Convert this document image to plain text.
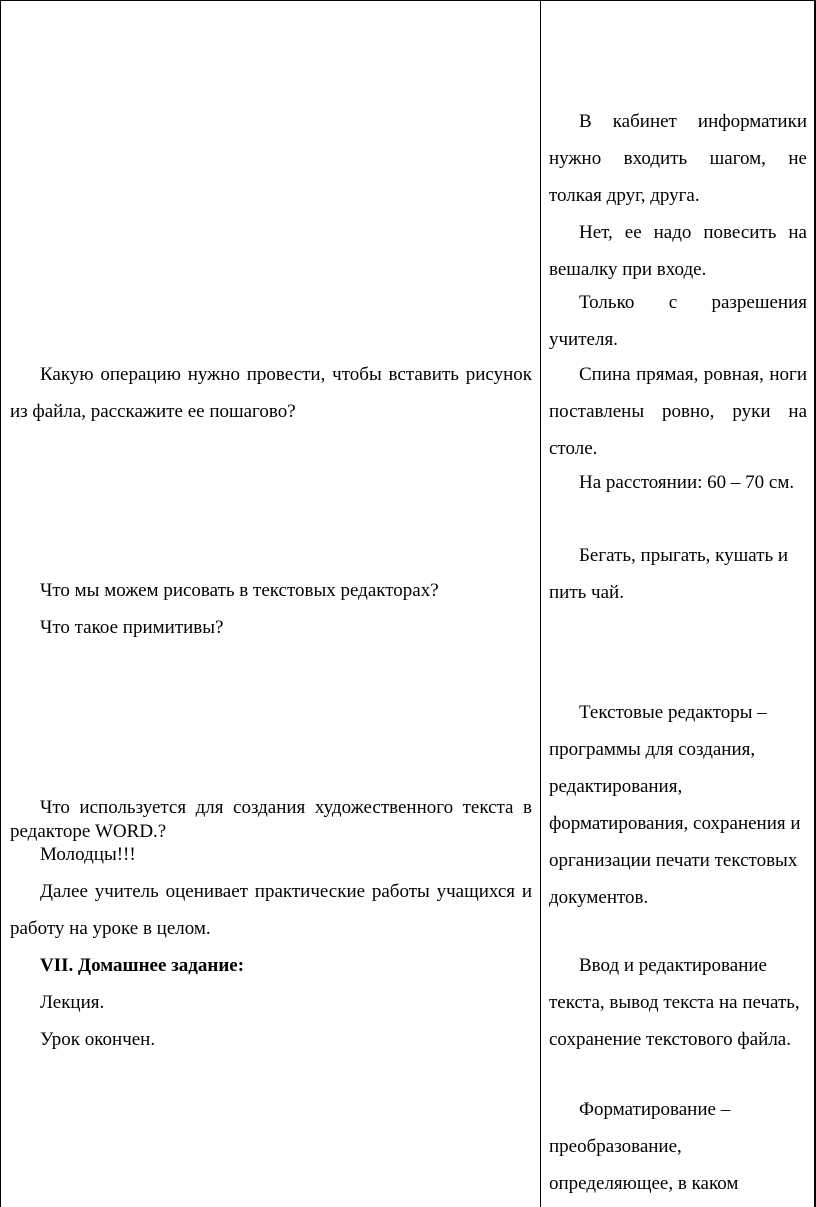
Какую операцию нужно провести, чтобы вставить рисунок из файла, расскажите ее пошагово?

Что мы можем рисовать в текстовых редакторах?

Что такое примитивы?

Что используется для создания художественного текста в редакторе WORD.?

Молодцы!!!

Далее учитель оценивает практические работы учащихся и работу на уроке в целом.

VII. Домашнее задание:

Лекция.

Урок окончен.

В кабинет информатики нужно входить шагом, не толкая друг, друга.

Нет, ее надо повесить на вешалку при входе.

Только с разрешения учителя.

Спина прямая, ровная, ноги поставлены ровно, руки на столе.

На расстоянии: 60 – 70 см.

Бегать, прыгать, кушать и пить чай.

Текстовые редакторы – программы для создания, редактирования, форматирования, сохранения и организации печати текстовых документов.

Ввод и редактирование текста, вывод текста на печать, сохранение текстового файла.

Форматирование – преобразование, определяющее, в каком
